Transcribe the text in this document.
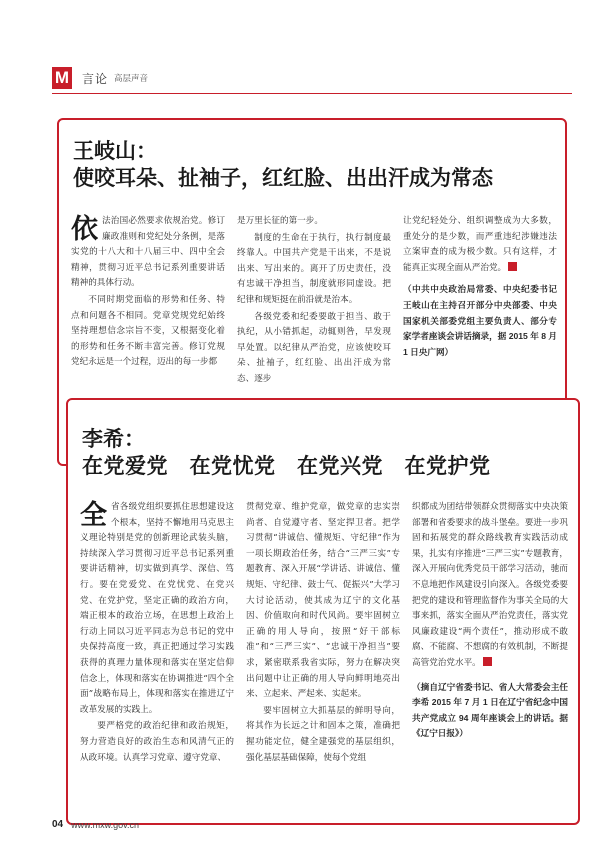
M 言论 高层声音
王岐山：
使咬耳朵、扯袖子，红红脸、出出汗成为常态

依法治国必然要求依规治党。修订廉政准则和党纪处分条例，是落实党的十八大和十八届三中、四中全会精神，贯彻习近平总书记系列重要讲话精神的具体行动。

不同时期党面临的形势和任务、特点和问题各不相同。党章党规党纪始终坚持理想信念宗旨不变，又根据变化着的形势和任务不断丰富完善。修订党规党纪永远是一个过程，迈出的每一步都

是万里长征的第一步。

制度的生命在于执行，执行制度最终靠人。中国共产党是干出来，不是说出来、写出来的。离开了历史责任，没有忠诚干净担当，制度就形同虚设。把纪律和规矩挺在前沿就是治本。

各级党委和纪委要敢于担当、敢于执纪，从小错抓起，动辄则咎，早发现早处置。以纪律从严治党，应该使咬耳朵、扯袖子，红红脸、出出汗成为常态、逐步

让党纪轻处分、组织调整成为大多数，重处分的是少数，而严重违纪涉嫌违法立案审查的成为极少数。只有这样，才能真正实现全面从严治党。

（中共中央政治局常委、中央纪委书记王岐山在主持召开部分中央部委、中央国家机关部委党组主要负责人、部分专家学者座谈会讲话摘录，据 2015 年 8 月 1 日央广网）

李希：
在党爱党　在党忧党　在党兴党　在党护党

全省各级党组织要抓住思想建设这个根本，坚持不懈地用马克思主义理论特别是党的创新理论武装头脑，持续深入学习贯彻习近平总书记系列重要讲话精神，切实做到真学、深信、笃行。要在党爱党、在党忧党、在党兴党、在党护党，坚定正确的政治方向，端正根本的政治立场，在思想上政治上行动上同以习近平同志为总书记的党中央保持高度一致，真正把通过学习实践获得的真理力量体现和落实在坚定信仰信念上，体现和落实在协调推进“四个全面”战略布局上，体现和落实在推进辽宁改革发展的实践上。

要严格党的政治纪律和政治规矩，努力营造良好的政治生态和风清气正的从政环境。认真学习党章、遵守党章、

贯彻党章、维护党章，做党章的忠实崇尚者、自觉遵守者、坚定捍卫者。把学习贯彻“讲诚信、懂规矩、守纪律”作为一项长期政治任务，结合“三严三实”专题教育、深入开展“学讲话、讲诚信、懂规矩、守纪律、鼓士气、促振兴”大学习大讨论活动，使其成为辽宁的文化基因、价值取向和时代风尚。要牢固树立正确的用人导向，按照“好干部标准”和“三严三实”、“忠诚干净担当”要求，紧密联系我省实际，努力在解决突出问题中让正确的用人导向鲜明地亮出来、立起来、严起来、实起来。

要牢固树立大抓基层的鲜明导向，将其作为长远之计和固本之策，准确把握功能定位，健全建强党的基层组织，强化基层基础保障，使每个党组

织都成为团结带领群众贯彻落实中央决策部署和省委要求的战斗堡垒。要进一步巩固和拓展党的群众路线教育实践活动成果，扎实有序推进“三严三实”专题教育，深入开展向优秀党员干部学习活动，驰而不息地把作风建设引向深入。各级党委要把党的建设和管理监督作为事关全局的大事来抓，落实全面从严治党责任，落实党风廉政建设“两个责任”，推动形成不敢腐、不能腐、不想腐的有效机制，不断提高管党治党水平。

（摘自辽宁省委书记、省人大常委会主任李希 2015 年 7 月 1 日在辽宁省纪念中国共产党成立 94 周年座谈会上的讲话。据《辽宁日报》）

04 www.mxw.gov.cn
